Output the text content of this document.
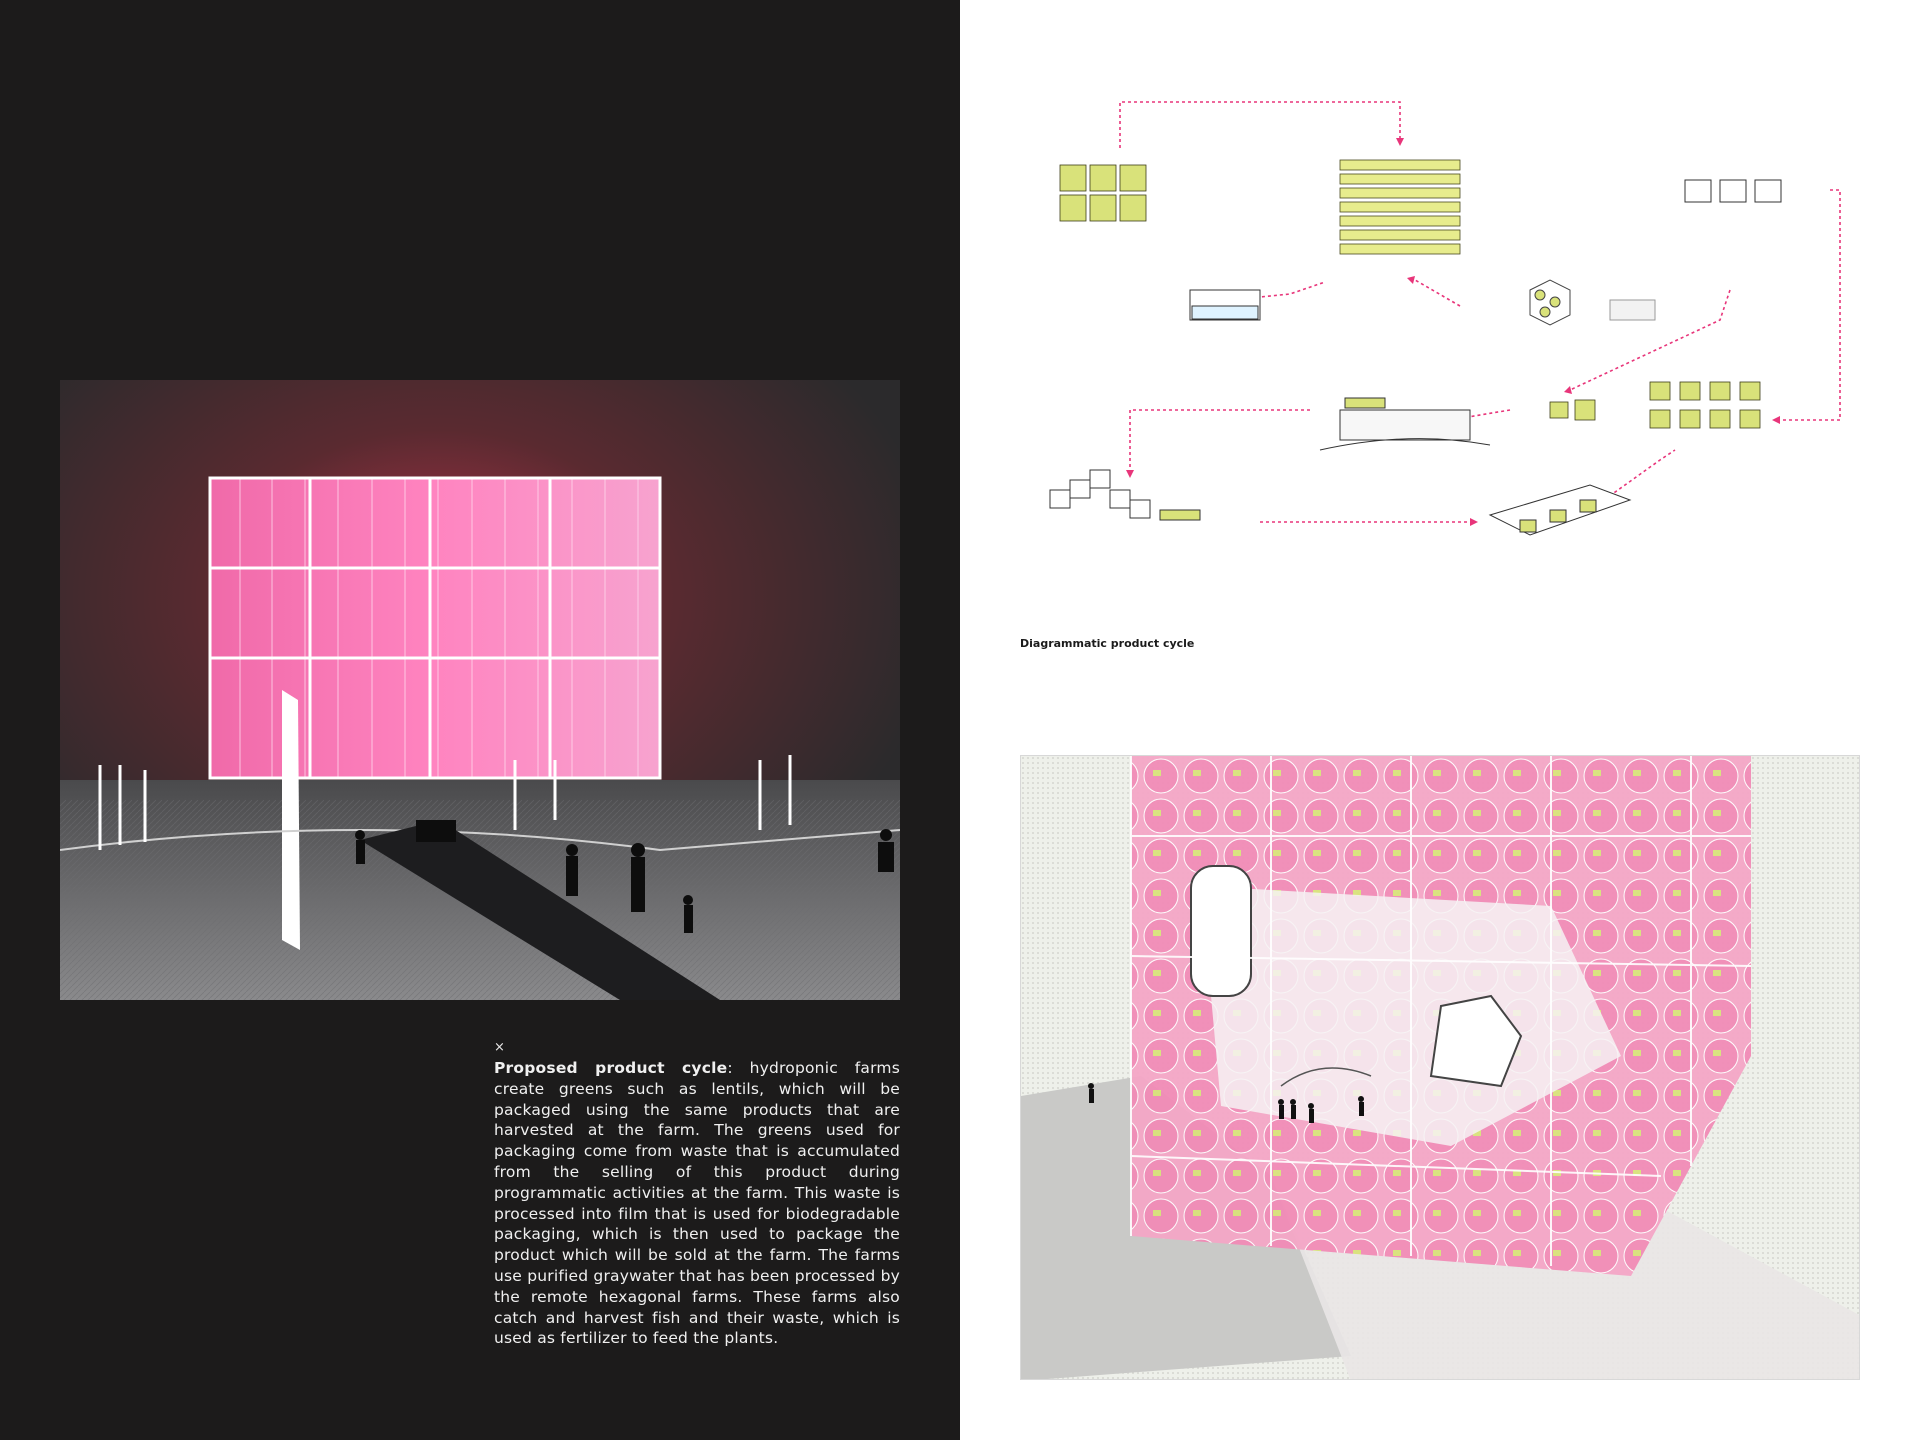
×
Proposed product cycle: hydroponic farms create greens such as lentils, which will be packaged using the same products that are harvested at the farm. The greens used for packaging come from waste that is accumulated from the selling of this product during programmatic activities at the farm. This waste is processed into film that is used for biodegradable packaging, which is then used to package the product which will be sold at the farm. The farms use purified graywater that has been processed by the remote hexagonal farms. These farms also catch and harvest fish and their waste, which is used as fertilizer to feed the plants.
Diagrammatic product cycle
